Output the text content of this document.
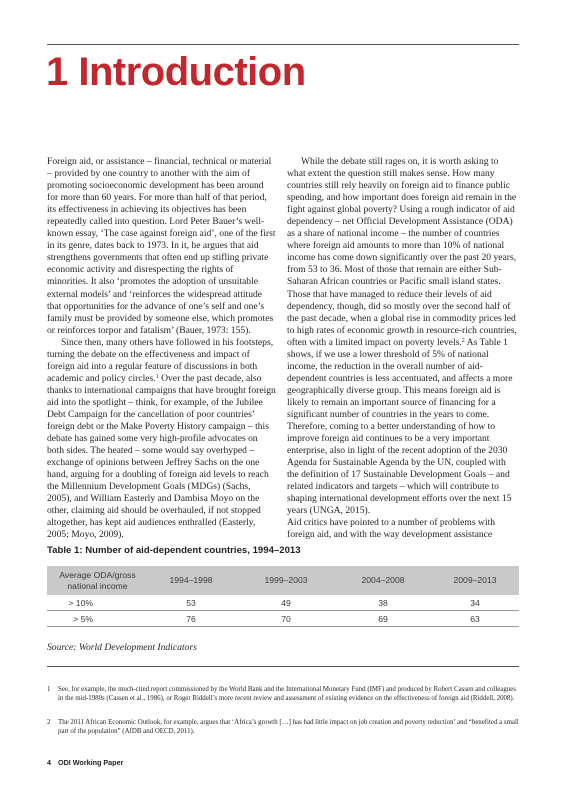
1 Introduction

Foreign aid, or assistance – financial, technical or material – provided by one country to another with the aim of promoting socioeconomic development has been around for more than 60 years. For more than half of that period, its effectiveness in achieving its objectives has been repeatedly called into question. Lord Peter Bauer’s well-known essay, ‘The case against foreign aid’, one of the first in its genre, dates back to 1973. In it, he argues that aid strengthens governments that often end up stifling private economic activity and disrespecting the rights of minorities. It also ‘promotes the adoption of unsuitable external models’ and ‘reinforces the widespread attitude that opportunities for the advance of one’s self and one’s family must be provided by someone else, which promotes or reinforces torpor and fatalism’ (Bauer, 1973: 155).

Since then, many others have followed in his footsteps, turning the debate on the effectiveness and impact of foreign aid into a regular feature of discussions in both academic and policy circles.$^1$ Over the past decade, also thanks to international campaigns that have brought foreign aid into the spotlight – think, for example, of the Jubilee Debt Campaign for the cancellation of poor countries’ foreign debt or the Make Poverty History campaign – this debate has gained some very high-profile advocates on both sides. The heated – some would say overhyped – exchange of opinions between Jeffrey Sachs on the one hand, arguing for a doubling of foreign aid levels to reach the Millennium Development Goals (MDGs) (Sachs, 2005), and William Easterly and Dambisa Moyo on the other, claiming aid should be overhauled, if not stopped altogether, has kept aid audiences enthralled (Easterly, 2005; Moyo, 2009).

While the debate still rages on, it is worth asking to what extent the question still makes sense. How many countries still rely heavily on foreign aid to finance public spending, and how important does foreign aid remain in the fight against global poverty? Using a rough indicator of aid dependency – net Official Development Assistance (ODA) as a share of national income – the number of countries where foreign aid amounts to more than 10% of national income has come down significantly over the past 20 years, from 53 to 36. Most of those that remain are either Sub-Saharan African countries or Pacific small island states. Those that have managed to reduce their levels of aid dependency, though, did so mostly over the second half of the past decade, when a global rise in commodity prices led to high rates of economic growth in resource-rich countries, often with a limited impact on poverty levels.$^2$ As Table 1 shows, if we use a lower threshold of 5% of national income, the reduction in the overall number of aid-dependent countries is less accentuated, and affects a more geographically diverse group. This means foreign aid is likely to remain an important source of financing for a significant number of countries in the years to come. Therefore, coming to a better understanding of how to improve foreign aid continues to be a very important enterprise, also in light of the recent adoption of the 2030 Agenda for Sustainable Agenda by the UN, coupled with the definition of 17 Sustainable Development Goals – and related indicators and targets – which will contribute to shaping international development efforts over the next 15 years (UNGA, 2015).

Aid critics have pointed to a number of problems with foreign aid, and with the way development assistance

Table 1: Number of aid-dependent countries, 1994–2013

Average ODA/gross national income	1994–1998	1999–2003	2004–2008	2009–2013
> 10%	53	49	38	34
> 5%	76	70	69	63

Source: World Development Indicators

1 See, for example, the much-cited report commissioned by the World Bank and the International Monetary Fund (IMF) and produced by Robert Cassen and colleagues in the mid-1980s (Cassen et al., 1986), or Roger Riddell’s more recent review and assessment of existing evidence on the effectiveness of foreign aid (Riddell, 2008).
2 The 2011 African Economic Outlook, for example, argues that ‘Africa’s growth […] has had little impact on job creation and poverty reduction’ and “benefited a small part of the population” (AfDB and OECD, 2011).
4 ODI Working Paper
